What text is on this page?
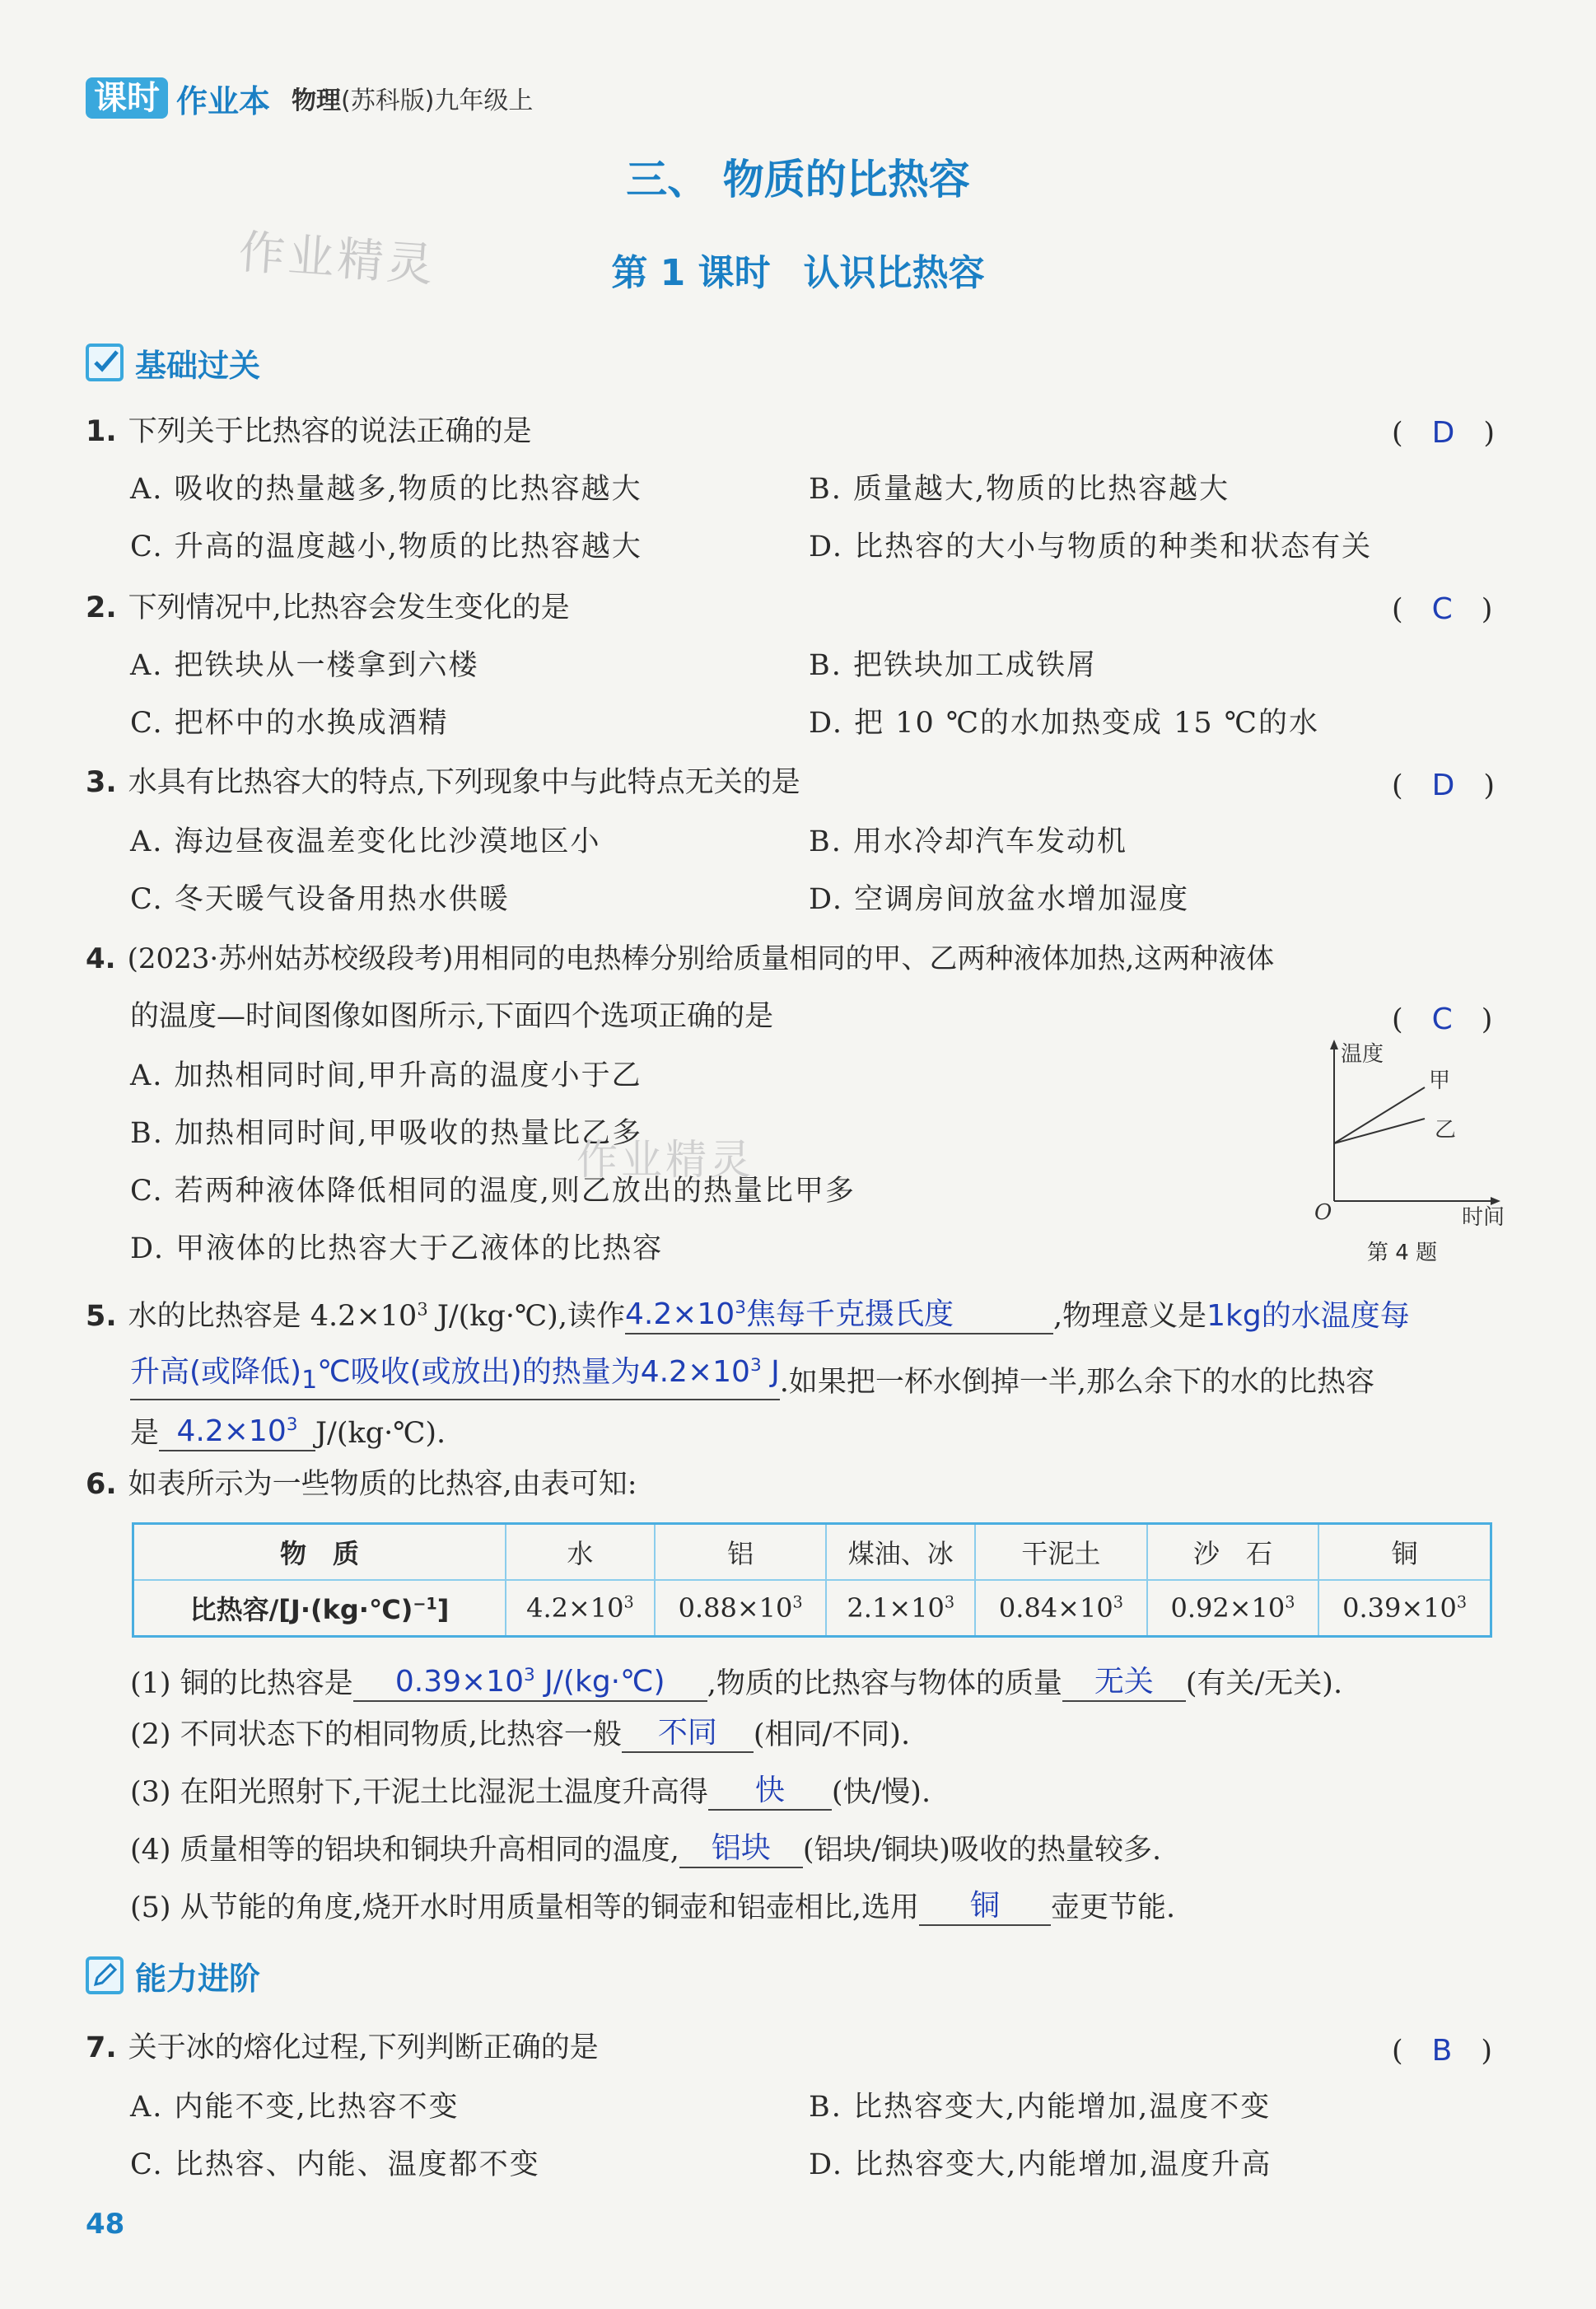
课时 作业本 物理(苏科版)九年级上
三、 物质的比热容
作业精灵	第 1 课时 认识比热容
基础过关
1. 下列关于比热容的说法正确的是	(　D　)
A. 吸收的热量越多,物质的比热容越大	B. 质量越大,物质的比热容越大
C. 升高的温度越小,物质的比热容越大	D. 比热容的大小与物质的种类和状态有关
2. 下列情况中,比热容会发生变化的是	(　C　)
A. 把铁块从一楼拿到六楼	B. 把铁块加工成铁屑
C. 把杯中的水换成酒精	D. 把 10 ℃的水加热变成 15 ℃的水
3. 水具有比热容大的特点,下列现象中与此特点无关的是	(　D　)
A. 海边昼夜温差变化比沙漠地区小	B. 用水冷却汽车发动机
C. 冬天暖气设备用热水供暖	D. 空调房间放盆水增加湿度
4. (2023·苏州姑苏校级段考)用相同的电热棒分别给质量相同的甲、乙两种液体加热,这两种液体
的温度—时间图像如图所示,下面四个选项正确的是	(　C　)
A. 加热相同时间,甲升高的温度小于乙
B. 加热相同时间,甲吸收的热量比乙多
C. 若两种液体降低相同的温度,则乙放出的热量比甲多
D. 甲液体的比热容大于乙液体的比热容
作业精灵
温度
时间
O
甲
乙
第 4 题
5. 水的比热容是 $4.2\times 10^3$ J/(kg·℃),读作$4.2\times 10^3$焦每千克摄氏度	,物理意义是1kg的水温度每
升高(或降低)$_1℃$吸收(或放出)的热量为$4.2\times 10^3$ J.如果把一杯水倒掉一半,那么余下的水的比热容
是 $4.2\times 10^3$ J/(kg·℃).
6. 如表所示为一些物质的比热容,由表可知:
物　质	水	铝	煤油、冰	干泥土	沙　石	铜
比热容/[J·(kg·℃)$^{-1}$]	$4.2\times 10^3$	$0.88\times 10^3$	$2.1\times 10^3$	$0.84\times 10^3$	$0.92\times 10^3$	$0.39\times 10^3$
(1) 铜的比热容是 $0.39\times 10^3$ J/(kg·℃) ,物质的比热容与物体的质量 无关 (有关/无关).
(2) 不同状态下的相同物质,比热容一般 不同 (相同/不同).
(3) 在阳光照射下,干泥土比湿泥土温度升高得 快 (快/慢).
(4) 质量相等的铝块和铜块升高相同的温度, 铝块 (铝块/铜块)吸收的热量较多.
(5) 从节能的角度,烧开水时用质量相等的铜壶和铝壶相比,选用 铜 壶更节能.
能力进阶
7. 关于冰的熔化过程,下列判断正确的是	(　B　)
A. 内能不变,比热容不变	B. 比热容变大,内能增加,温度不变
C. 比热容、内能、温度都不变	D. 比热容变大,内能增加,温度升高
48
